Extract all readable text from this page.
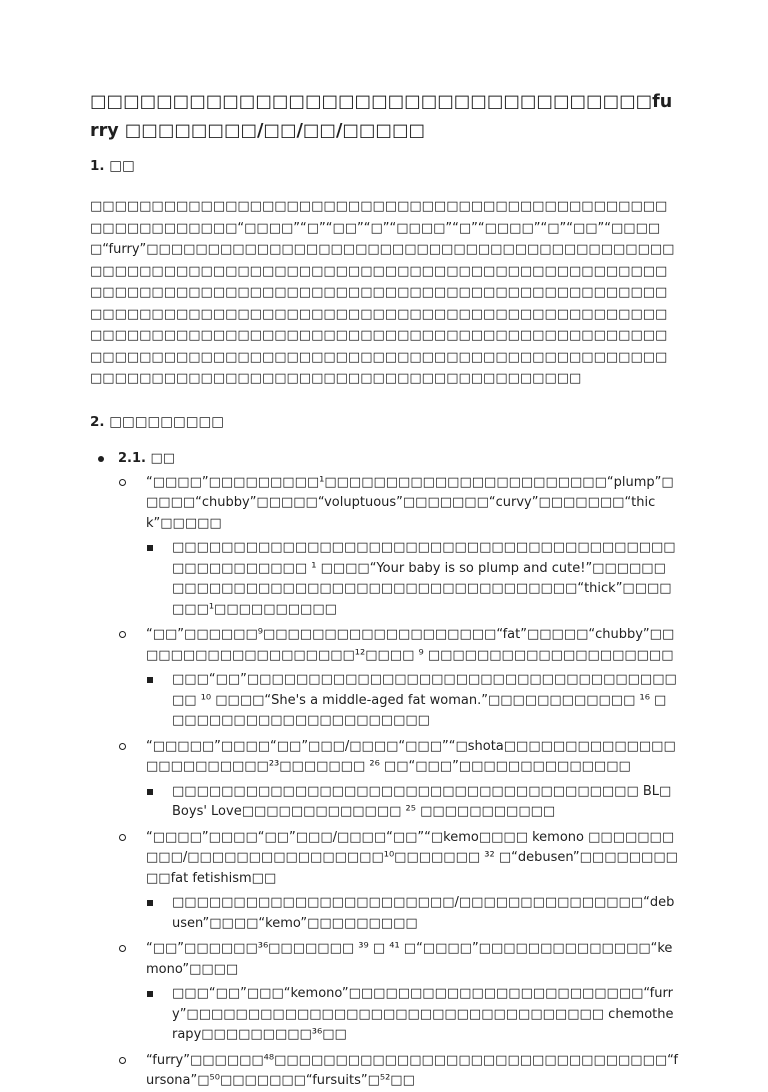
□□□□□□□□□□□□□□□□□□□□□□□□□□□□□□□□□□furry □□□□□□□□/□□/□□/□□□□□
1. □□

□□□□□□□□□□□□□□□□□□□□□□□□□□□□□□□□□□□□□□□□□□□□□□□□□□□□□□□□□□□“□□□□”“□”“□□”“□”“□□□□”“□”“□□□□”“□”“□□”“□□□□□“furry”□□□□□□□□□□□□□□□□□□□□□□□□□□□□□□□□□□□□□□□□□□□□□□□□□□□□□□□□□□□□□□□□□□□□□□□□□□□□□□□□□□□□□□□□□□□□□□□□□□□□□□□□□□□□□□□□□□□□□□□□□□□□□□□□□□□□□□□□□□□□□□□□□□□□□□□□□□□□□□□□□□□□□□□□□□□□□□□□□□□□□□□□□□□□□□□□□□□□□□□□□□□□□□□□□□□□□□□□□□□□□□□□□□□□□□□□□□□□□□□□□□□□□□□□□□□□□□□□□□□□□□□□□□□□□□□□□□□□□□□□□□□□□□□□□□□□□□□□□□□□□□□□□□□□□□□□□□□□□□

2. □□□□□□□□□
2.1. □□
“□□□□”□□□□□□□□□¹□□□□□□□□□□□□□□□□□□□□□□□“plump”□□□□□“chubby”□□□□□“voluptuous”□□□□□□□“curvy”□□□□□□□“thick”□□□□□
□□□□□□□□□□□□□□□□□□□□□□□□□□□□□□□□□□□□□□□□□□□□□□□□□□□□ ¹ □□□□“Your baby is so plump and cute!”□□□□□□□□□□□□□□□□□□□□□□□□□□□□□□□□□□□□□□□“thick”□□□□□□□¹□□□□□□□□□□
“□□”□□□□□□⁹□□□□□□□□□□□□□□□□□□□“fat”□□□□□“chubby”□□□□□□□□□□□□□□□□□□□¹²□□□□ ⁹ □□□□□□□□□□□□□□□□□□□□
□□□“□□”□□□□□□□□□□□□□□□□□□□□□□□□□□□□□□□□□□□□□ ¹⁰ □□□□“She's a middle-aged fat woman.”□□□□□□□□□□□□ ¹⁶ □□□□□□□□□□□□□□□□□□□□□□
“□□□□□”□□□□“□□”□□□/□□□□“□□□”“□shota□□□□□□□□□□□□□□□□□□□□□□□□²³□□□□□□□ ²⁶ □□“□□□”□□□□□□□□□□□□□□
□□□□□□□□□□□□□□□□□□□□□□□□□□□□□□□□□□□□□□ BL□Boys' Love□□□□□□□□□□□□□ ²⁵ □□□□□□□□□□□
“□□□□”□□□□“□□”□□□/□□□□“□□”“□kemo□□□□ kemono □□□□□□□□□□/□□□□□□□□□□□□□□□□¹⁰□□□□□□□ ³² □“debusen”□□□□□□□□□□fat fetishism□□
□□□□□□□□□□□□□□□□□□□□□□□/□□□□□□□□□□□□□□□“debusen”□□□□“kemo”□□□□□□□□□
“□□”□□□□□□³⁶□□□□□□□ ³⁹ □ ⁴¹ □“□□□□”□□□□□□□□□□□□□□“kemono”□□□□
□□□“□□”□□□“kemono”□□□□□□□□□□□□□□□□□□□□□□□□“furry”□□□□□□□□□□□□□□□□□□□□□□□□□□□□□□□□□□ chemotherapy□□□□□□□□□³⁶□□
“furry”□□□□□□⁴⁸□□□□□□□□□□□□□□□□□□□□□□□□□□□□□□□□“fursona”□⁵⁰□□□□□□□“fursuits”□⁵²□□
